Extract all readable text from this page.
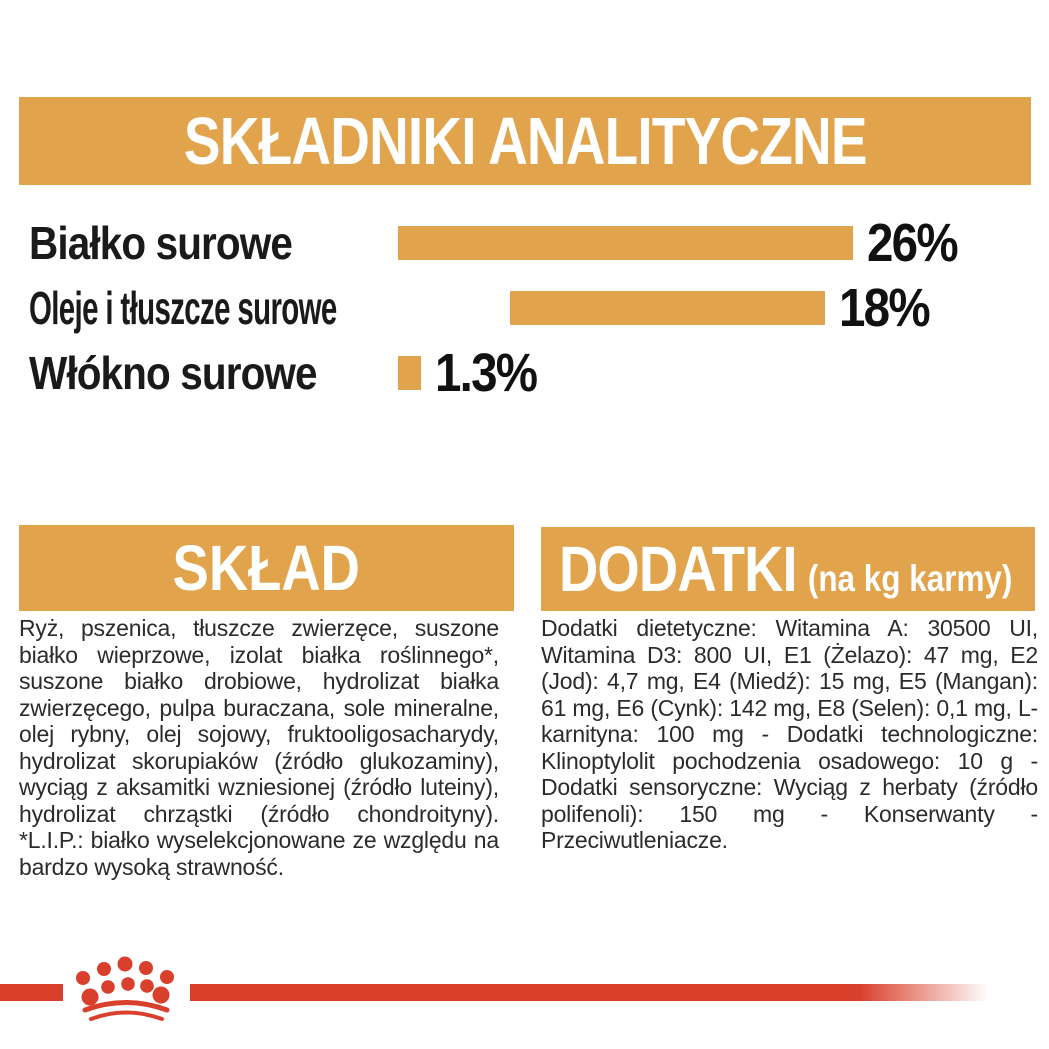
SKŁADNIKI ANALITYCZNE
Białko surowe	26%
Oleje i tłuszcze surowe	18%
Włókno surowe	1.3%
SKŁAD

Ryż, pszenica, tłuszcze zwierzęce, suszone białko wieprzowe, izolat białka roślinnego*, suszone białko drobiowe, hydrolizat białka zwierzęcego, pulpa buraczana, sole mineralne, olej rybny, olej sojowy, fruktooligosacharydy, hydrolizat skorupiaków (źródło glukozaminy), wyciąg z aksamitki wzniesionej (źródło luteiny), hydrolizat chrząstki (źródło chondroityny). *L.I.P.: białko wyselekcjonowane ze względu na bardzo wysoką strawność.

DODATKI (na kg karmy)

Dodatki dietetyczne: Witamina A: 30500 UI, Witamina D3: 800 UI, E1 (Żelazo): 47 mg, E2 (Jod): 4,7 mg, E4 (Miedź): 15 mg, E5 (Mangan): 61 mg, E6 (Cynk): 142 mg, E8 (Selen): 0,1 mg, L-karnityna: 100 mg - Dodatki technologiczne: Klinoptylolit pochodzenia osadowego: 10 g - Dodatki sensoryczne: Wyciąg z herbaty (źródło polifenoli): 150 mg - Konserwanty - Przeciwutleniacze.
